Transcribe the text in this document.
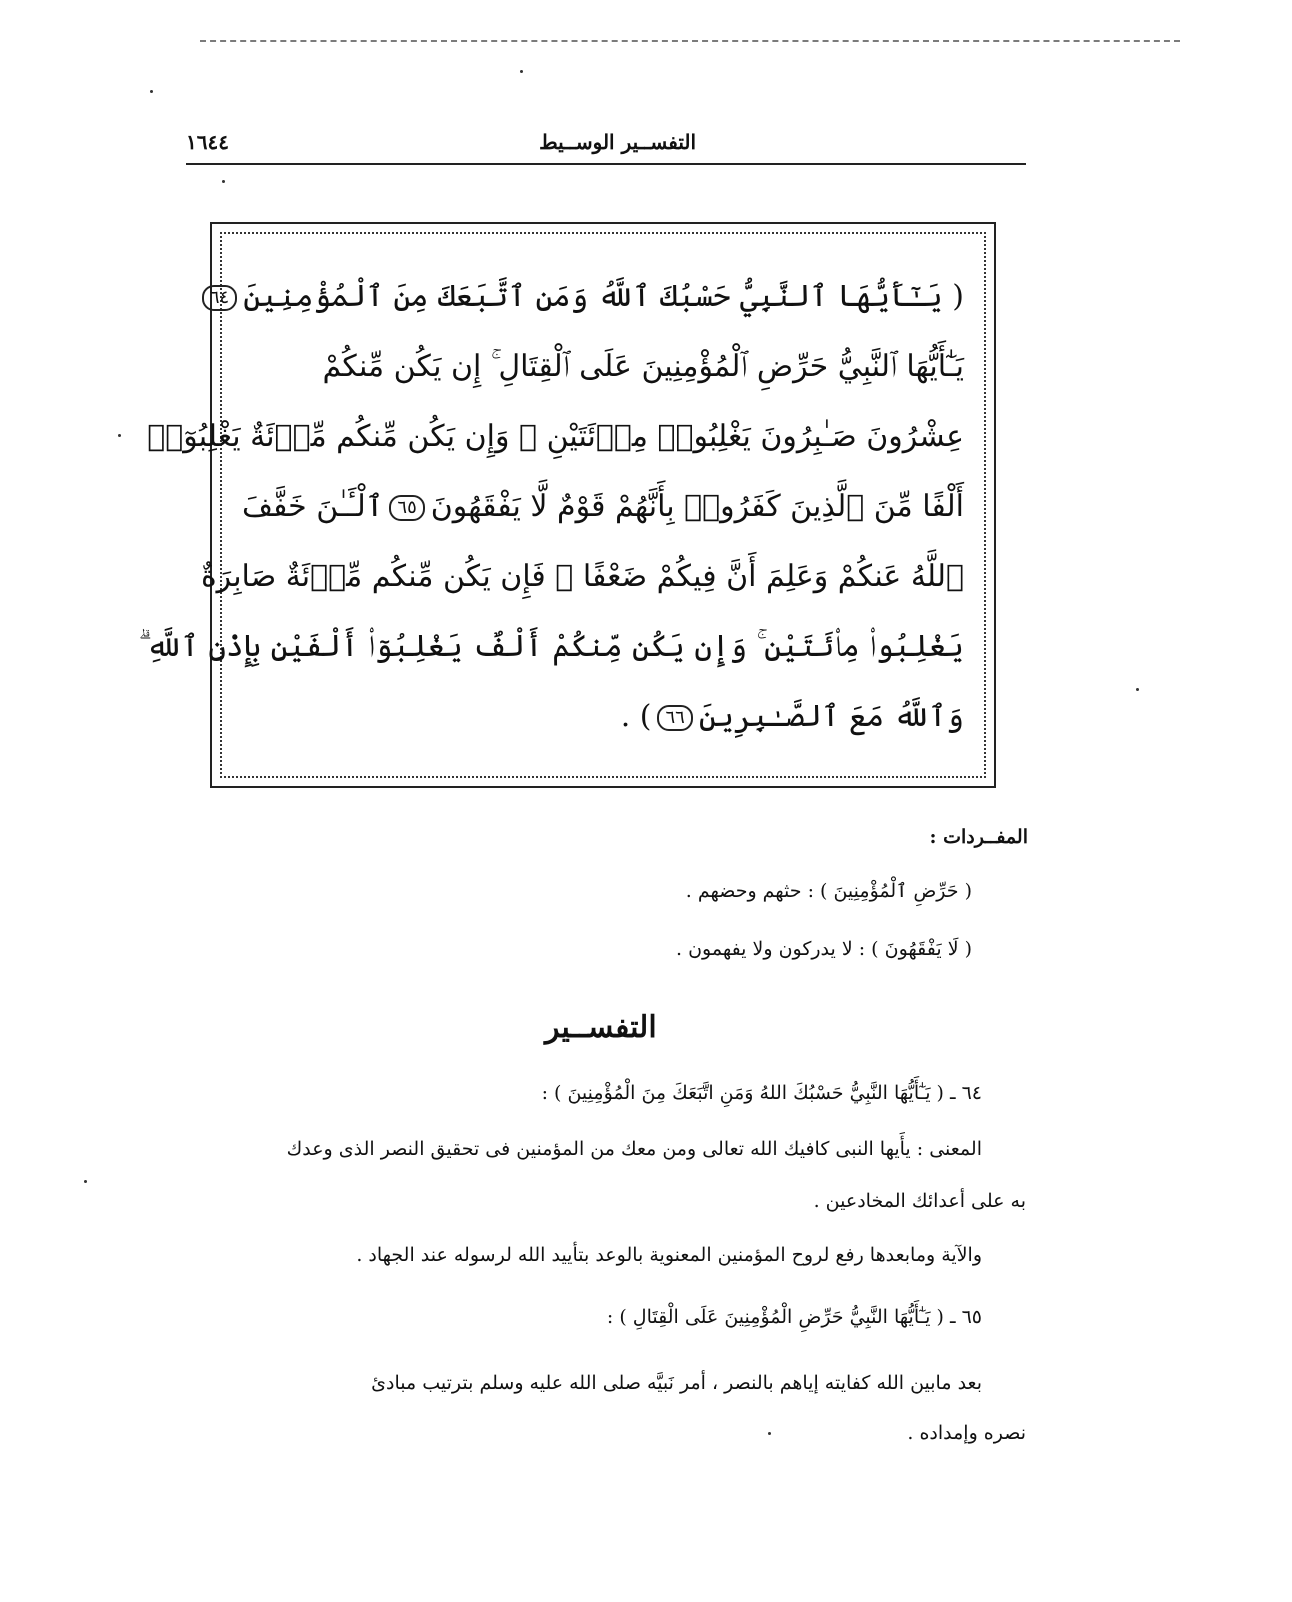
١٦٤٤	التفســير الوســيط
( يَـٰٓأَيُّهَا ٱلنَّبِيُّ حَسْبُكَ ٱللَّهُ وَمَنِ ٱتَّبَعَكَ مِنَ ٱلْمُؤْمِنِينَ٦٤
يَـٰٓأَيُّهَا ٱلنَّبِيُّ حَرِّضِ ٱلْمُؤْمِنِينَ عَلَى ٱلْقِتَالِ ۚ إِن يَكُن مِّنكُمْ
عِشْرُونَ صَـٰبِرُونَ يَغْلِبُوا۟ مِا۟ئَتَيْنِ ۚ وَإِن يَكُن مِّنكُم مِّا۟ئَةٌ يَغْلِبُوٓا۟
أَلْفًا مِّنَ ٱلَّذِينَ كَفَرُوا۟ بِأَنَّهُمْ قَوْمٌ لَّا يَفْقَهُونَ٦٥ٱلْـَٔـٰنَ خَفَّفَ
ٱللَّهُ عَنكُمْ وَعَلِمَ أَنَّ فِيكُمْ ضَعْفًا ۚ فَإِن يَكُن مِّنكُم مِّا۟ئَةٌ صَابِرَةٌ
يَغْلِبُوا۟ مِا۟ئَتَيْنِ ۚ وَإِن يَكُن مِّنكُمْ أَلْفٌ يَغْلِبُوٓا۟ أَلْفَيْنِ بِإِذْنِ ٱللَّهِ ۗ
وَٱللَّهُ مَعَ ٱلصَّـٰبِرِينَ٦٦) .
المفــردات :
( حَرِّضِ ٱلْمُؤْمِنِينَ ) : حثهم وحضهم .
( لَا يَفْقَهُونَ ) : لا يدركون ولا يفهمون .
التفســير
٦٤ ـ ( يَـٰٓأَيُّهَا النَّبِيُّ حَسْبُكَ اللهُ وَمَنِ اتَّبَعَكَ مِنَ الْمُؤْمِنِينَ ) :
المعنى : يأَيها النبى كافيك الله تعالى ومن معك من المؤمنين فى تحقيق النصر الذى وعدك
به على أعدائك المخادعين .
والآية ومابعدها رفع لروح المؤمنين المعنوية بالوعد بتأييد الله لرسوله عند الجهاد .
٦٥ ـ ( يَـٰٓأَيُّهَا النَّبِيُّ حَرِّضِ الْمُؤْمِنِينَ عَلَى الْقِتَالِ ) :
بعد مابين الله كفايته إياهم بالنصر ، أمر نَبيَّه صلى الله عليه وسلم بترتيب مبادئ
نصره وإمداده .
